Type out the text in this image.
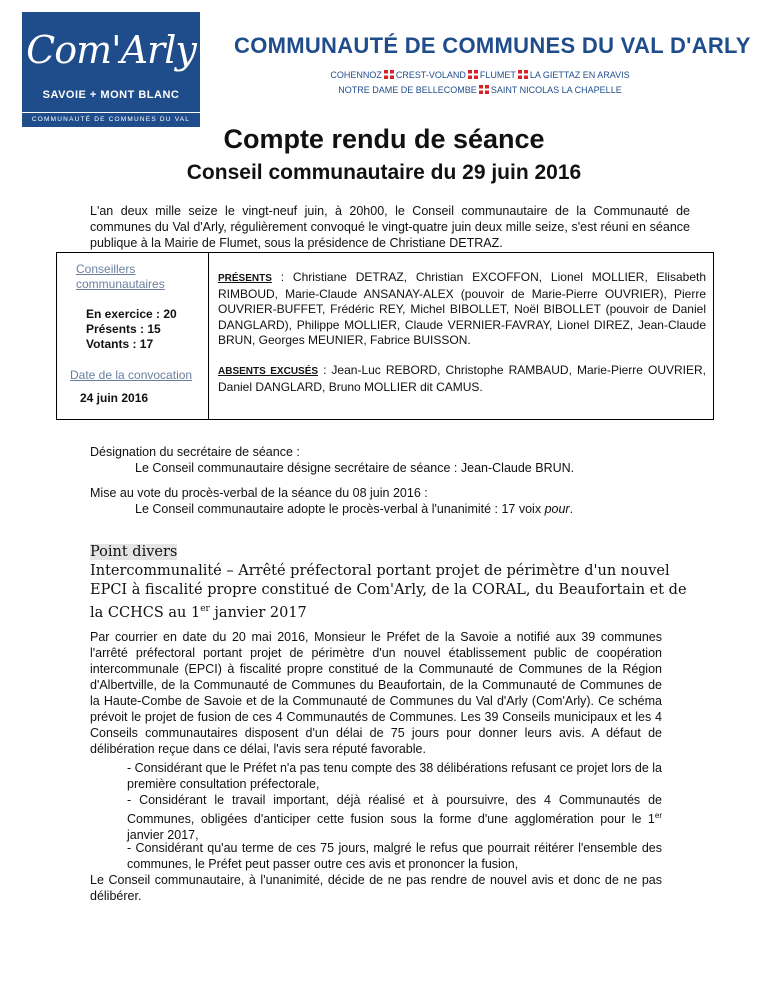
Com'Arly
SAVOIE + MONT BLANC
COMMUNAUTÉ DE COMMUNES DU VAL D'ARLY
COMMUNAUTÉ DE COMMUNES DU VAL D'ARLY
COHENNOZ CREST-VOLAND FLUMET LA GIETTAZ EN ARAVIS
NOTRE DAME DE BELLECOMBE SAINT NICOLAS LA CHAPELLE
Compte rendu de séance
Conseil communautaire du 29 juin 2016
L'an deux mille seize le vingt-neuf juin, à 20h00, le Conseil communautaire de la Communauté de communes du Val d'Arly, régulièrement convoqué le vingt-quatre juin deux mille seize, s'est réuni en séance publique à la Mairie de Flumet, sous la présidence de Christiane DETRAZ.
Conseillers
communautaires
En exercice : 20
Présents : 15
Votants : 17
Date de la convocation
24 juin 2016
PRÉSENTS : Christiane DETRAZ, Christian EXCOFFON, Lionel MOLLIER, Elisabeth RIMBOUD, Marie-Claude ANSANAY-ALEX (pouvoir de Marie-Pierre OUVRIER), Pierre OUVRIER-BUFFET, Frédéric REY, Michel BIBOLLET, Noël BIBOLLET (pouvoir de Daniel DANGLARD), Philippe MOLLIER, Claude VERNIER-FAVRAY, Lionel DIREZ, Jean-Claude BRUN, Georges MEUNIER, Fabrice BUISSON.
ABSENTS EXCUSÉS : Jean-Luc REBORD, Christophe RAMBAUD, Marie-Pierre OUVRIER, Daniel DANGLARD, Bruno MOLLIER dit CAMUS.
Désignation du secrétaire de séance :
Le Conseil communautaire désigne secrétaire de séance : Jean-Claude BRUN.
Mise au vote du procès-verbal de la séance du 08 juin 2016 :
Le Conseil communautaire adopte le procès-verbal à l'unanimité : 17 voix pour.
Point divers
Intercommunalité – Arrêté préfectoral portant projet de périmètre d'un nouvel EPCI à fiscalité propre constitué de Com'Arly, de la CORAL, du Beaufortain et de la CCHCS au 1er janvier 2017
Par courrier en date du 20 mai 2016, Monsieur le Préfet de la Savoie a notifié aux 39 communes l'arrêté préfectoral portant projet de périmètre d'un nouvel établissement public de coopération intercommunale (EPCI) à fiscalité propre constitué de la Communauté de Communes de la Région d'Albertville, de la Communauté de Communes du Beaufortain, de la Communauté de Communes de la Haute-Combe de Savoie et de la Communauté de Communes du Val d'Arly (Com'Arly). Ce schéma prévoit le projet de fusion de ces 4 Communautés de Communes. Les 39 Conseils municipaux et les 4 Conseils communautaires disposent d'un délai de 75 jours pour donner leurs avis. A défaut de délibération reçue dans ce délai, l'avis sera réputé favorable.
- Considérant que le Préfet n'a pas tenu compte des 38 délibérations refusant ce projet lors de la première consultation préfectorale,
- Considérant le travail important, déjà réalisé et à poursuivre, des 4 Communautés de Communes, obligées d'anticiper cette fusion sous la forme d'une agglomération pour le 1er janvier 2017,
- Considérant qu'au terme de ces 75 jours, malgré le refus que pourrait réitérer l'ensemble des communes, le Préfet peut passer outre ces avis et prononcer la fusion,
Le Conseil communautaire, à l'unanimité, décide de ne pas rendre de nouvel avis et donc de ne pas délibérer.
